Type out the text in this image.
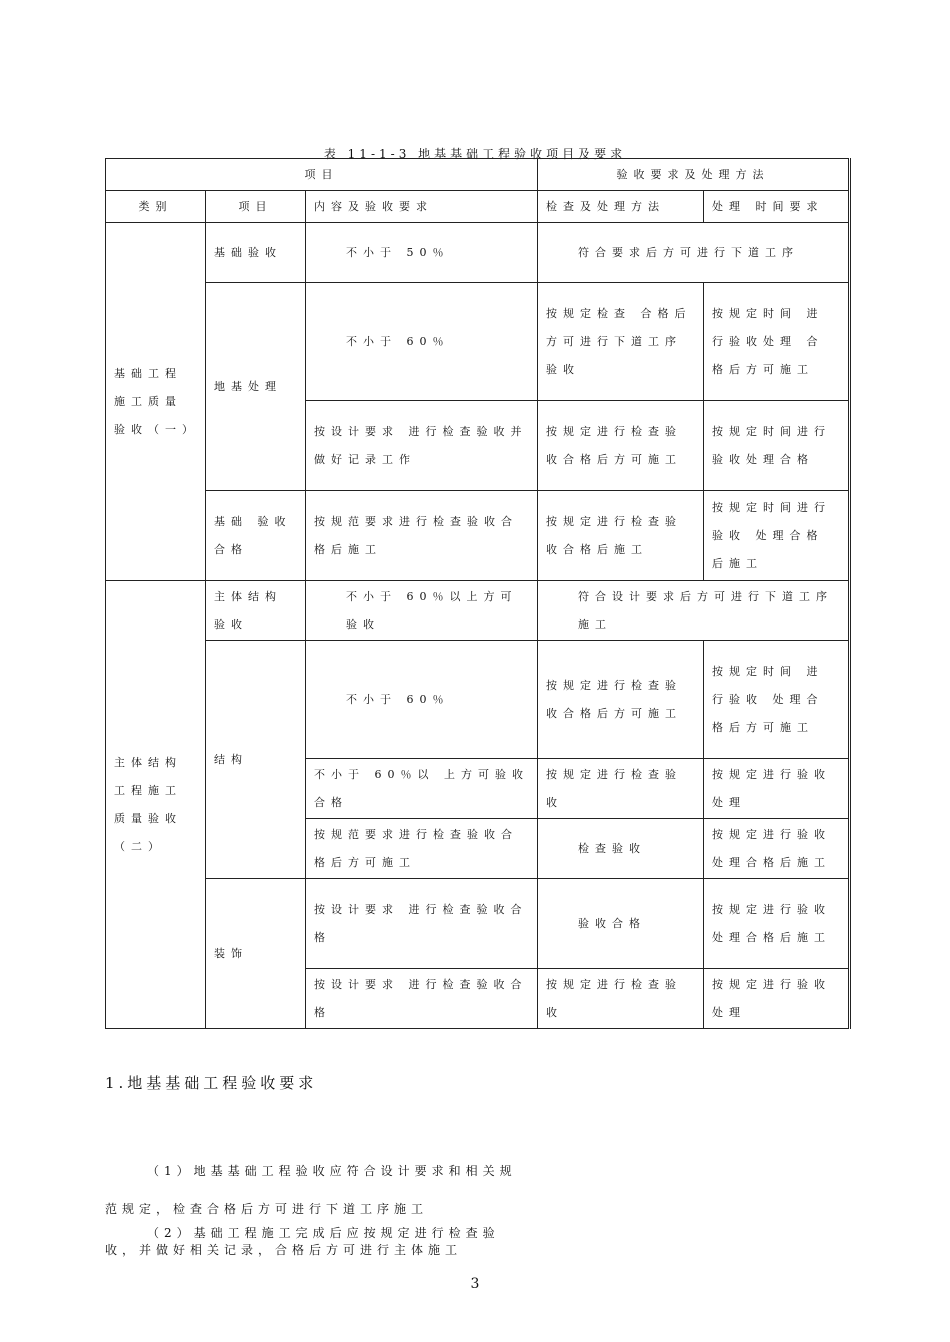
表 11-1-3 地基基础工程验收项目及要求
项目			验收要求及处理方法	
类别	项目	内容及验收要求	检查及处理方法	处理 时间要求
基础工程施工质量验收（一）	基础验收	不小于 50％	符合要求后方可进行下道工序	
	地基处理	不小于 60％	按规定检查 合格后方可进行下道工序验收	按规定时间 进行验收处理 合格后方可施工
		按设计要求 进行检查验收并做好记录工作	按规定进行检查验收合格后方可施工	按规定时间进行 验收处理合格
	基础 验收 合格	按规范要求进行检查验收合格后施工	按规定进行检查验收合格后施工	按规定时间进行验收 处理合格后施工
主体结构工程施工质量验收（二）	主体结构验收	不小于 60％以上方可验收	符合设计要求后方可进行下道工序施工	
	结构	不小于 60％	按规定进行检查验收合格后方可施工	按规定时间 进行验收 处理合格后方可施工
		不小于 60％以 上方可验收合格	按规定进行检查验收	按规定进行验收处理
		按规范要求进行检查验收合格后方可施工	检查验收	按规定进行验收处理合格后施工
	装饰	按设计要求 进行检查验收合格	验收合格	按规定进行验收 处理合格后施工
		按设计要求 进行检查验收合格	按规定进行检查验收	按规定进行验收处理
1.地基基础工程验收要求
（1）地基基础工程验收应符合设计要求和相关规范规定，检查合格后方可进行下道工序施工
（2）基础工程施工完成后应按规定进行检查验收，并做好相关记录，合格后方可进行主体施工
3
